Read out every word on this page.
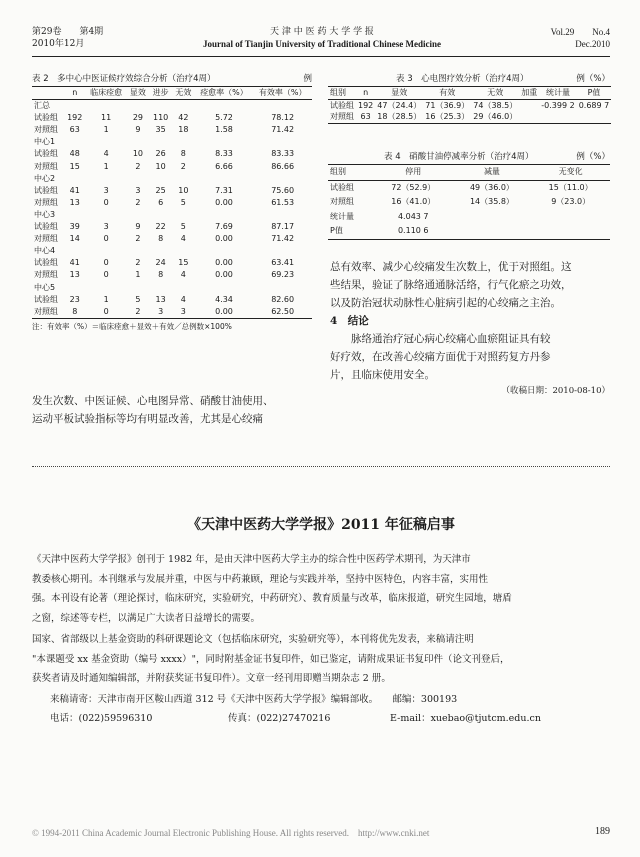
第29卷　　第4期
2010年12月
天 津 中 医 药 大 学 学 报
Journal of Tianjin University of Traditional Chinese Medicine
Vol.29　　No.4
Dec.2010
表 2　多中心中医证候疗效综合分析（治疗4周）	例
	n	临床痊愈	显效	进步	无效	痊愈率（%）	有效率（%）
汇总							
试验组	192	11	29	110	42	5.72	78.12
对照组	63	1	9	35	18	1.58	71.42
中心1							
试验组	48	4	10	26	8	8.33	83.33
对照组	15	1	2	10	2	6.66	86.66
中心2							
试验组	41	3	3	25	10	7.31	75.60
对照组	13	0	2	6	5	0.00	61.53
中心3							
试验组	39	3	9	22	5	7.69	87.17
对照组	14	0	2	8	4	0.00	71.42
中心4							
试验组	41	0	2	24	15	0.00	63.41
对照组	13	0	1	8	4	0.00	69.23
中心5							
试验组	23	1	5	13	4	4.34	82.60
对照组	8	0	2	3	3	0.00	62.50
注：有效率（%）＝临床痊愈＋显效＋有效／总例数×100%
表 3　心电图疗效分析（治疗4周）	例（%）
组别	n	显效	有效	无效	加重	统计量	P值
试验组	192	47（24.4）	71（36.9）	74（38.5）		-0.399 2	0.689 7
对照组	63	18（28.5）	16（25.3）	29（46.0）			
表 4　硝酸甘油停减率分析（治疗4周）	例（%）
组别	停用	减量	无变化
试验组	72（52.9）	49（36.0）	15（11.0）
对照组	16（41.0）	14（35.8）	9（23.0）
统计量	4.043 7		
P值	0.110 6		
发生次数、中医证候、心电图异常、硝酸甘油使用、
运动平板试验指标等均有明显改善，尤其是心绞痛
总有效率、减少心绞痛发生次数上，优于对照组。这
些结果，验证了脉络通通脉活络，行气化瘀之功效，
以及防治冠状动脉性心脏病引起的心绞痛之主治。
4　结论
　　脉络通治疗冠心病心绞痛心血瘀阻证具有较
好疗效，在改善心绞痛方面优于对照药复方丹参
片，且临床使用安全。
（收稿日期：2010-08-10）
《天津中医药大学学报》2011 年征稿启事
《天津中医药大学学报》创刊于 1982 年，是由天津中医药大学主办的综合性中医药学术期刊，为天津市
教委核心期刊。本刊继承与发展并重，中医与中药兼顾，理论与实践并举，坚持中医特色，内容丰富，实用性
强。本刊设有论著（理论探讨，临床研究，实验研究，中药研究）、教育质量与改革，临床报道，研究生园地，塘盾
之窗，综述等专栏，以满足广大读者日益增长的需要。
国家、省部级以上基金资助的科研课题论文（包括临床研究，实验研究等），本刊将优先发表，来稿请注明
"本课题受 xx 基金资助（编号 xxxx）"，同时附基金证书复印件，如已鉴定，请附成果证书复印件（论文刊登后，
获奖者请及时通知编辑部，并附获奖证书复印件）。文章一经刊用即赠当期杂志 2 册。
来稿请寄：天津市南开区鞍山西道 312 号《天津中医药大学学报》编辑部收。　　邮编：300193
电话：(022)59596310	传真：(022)27470216	E-mail：xuebao@tjutcm.edu.cn
© 1994-2011 China Academic Journal Electronic Publishing House. All rights reserved.　http://www.cnki.net	189
